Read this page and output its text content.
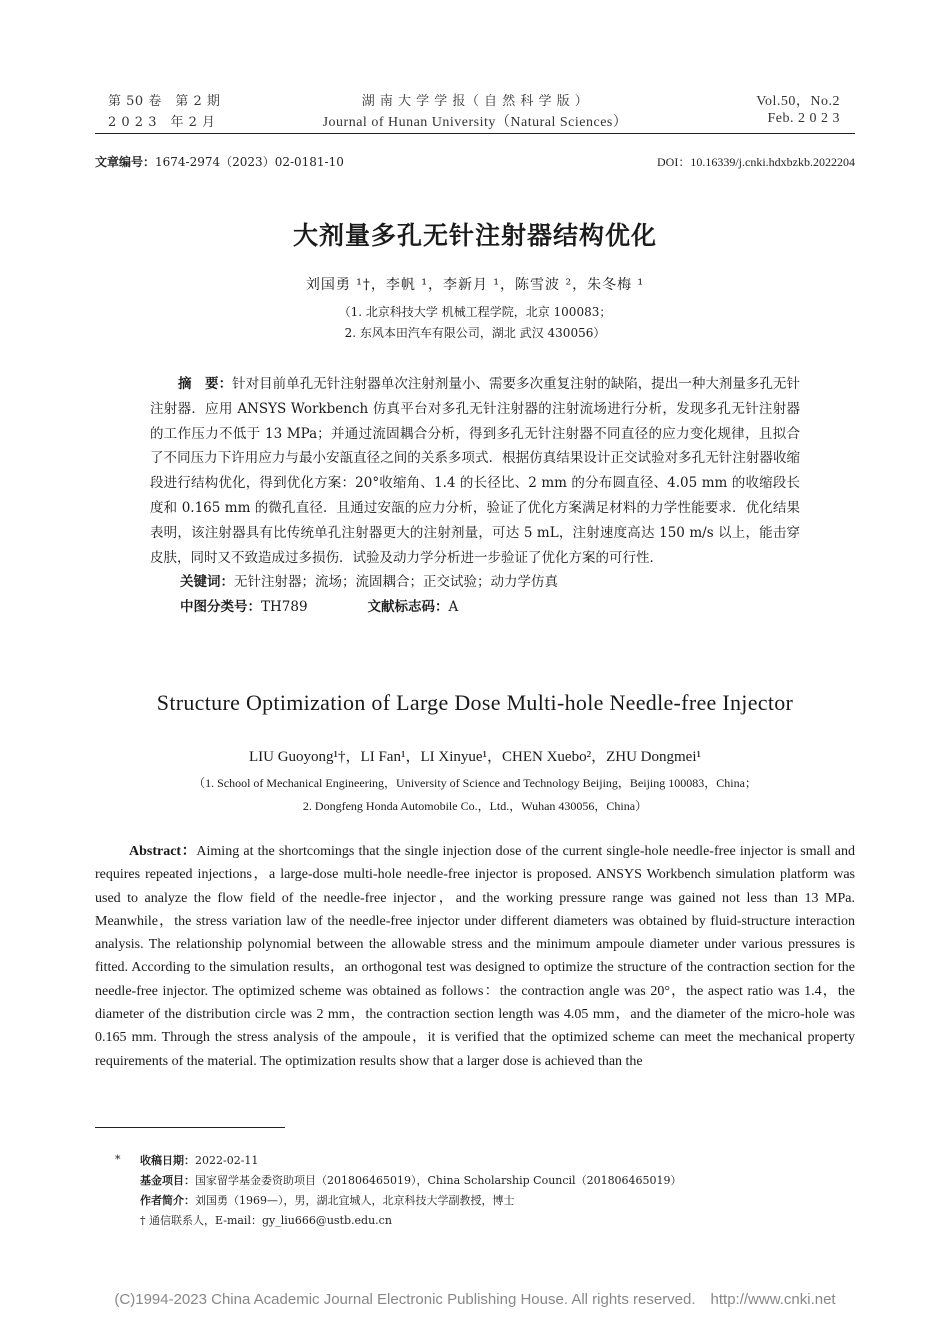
第 50 卷　第 2 期
2 0 2 3　年 2 月
湖 南 大 学 学 报（ 自 然 科 学 版 ）
Journal of Hunan University（Natural Sciences）
Vol.50，No.2
Feb. 2 0 2 3
文章编号：1674-2974（2023）02-0181-10	DOI：10.16339/j.cnki.hdxbzkb.2022204
大剂量多孔无针注射器结构优化
刘国勇 ¹†，李帆 ¹，李新月 ¹，陈雪波 ²，朱冬梅 ¹
（1. 北京科技大学 机械工程学院，北京 100083；
2. 东风本田汽车有限公司，湖北 武汉 430056）

摘　要：针对目前单孔无针注射器单次注射剂量小、需要多次重复注射的缺陷，提出一种大剂量多孔无针注射器．应用 ANSYS Workbench 仿真平台对多孔无针注射器的注射流场进行分析，发现多孔无针注射器的工作压力不低于 13 MPa；并通过流固耦合分析，得到多孔无针注射器不同直径的应力变化规律，且拟合了不同压力下许用应力与最小安瓿直径之间的关系多项式．根据仿真结果设计正交试验对多孔无针注射器收缩段进行结构优化，得到优化方案：20°收缩角、1.4 的长径比、2 mm 的分布圆直径、4.05 mm 的收缩段长度和 0.165 mm 的微孔直径．且通过安瓿的应力分析，验证了优化方案满足材料的力学性能要求．优化结果表明，该注射器具有比传统单孔注射器更大的注射剂量，可达 5 mL，注射速度高达 150 m/s 以上，能击穿皮肤，同时又不致造成过多损伤．试验及动力学分析进一步验证了优化方案的可行性．

关键词：无针注射器；流场；流固耦合；正交试验；动力学仿真

中图分类号：TH789	文献标志码：A

Structure Optimization of Large Dose Multi-hole Needle-free Injector
LIU Guoyong¹†，LI Fan¹，LI Xinyue¹，CHEN Xuebo²，ZHU Dongmei¹
（1. School of Mechanical Engineering，University of Science and Technology Beijing，Beijing 100083，China；
2. Dongfeng Honda Automobile Co.，Ltd.，Wuhan 430056，China）

Abstract：Aiming at the shortcomings that the single injection dose of the current single-hole needle-free injector is small and requires repeated injections，a large-dose multi-hole needle-free injector is proposed. ANSYS Workbench simulation platform was used to analyze the flow field of the needle-free injector，and the working pressure range was gained not less than 13 MPa. Meanwhile，the stress variation law of the needle-free injector under different diameters was obtained by fluid-structure interaction analysis. The relationship polynomial between the allowable stress and the minimum ampoule diameter under various pressures is fitted. According to the simulation results，an orthogonal test was designed to optimize the structure of the contraction section for the needle-free injector. The optimized scheme was obtained as follows：the contraction angle was 20°，the aspect ratio was 1.4，the diameter of the distribution circle was 2 mm，the contraction section length was 4.05 mm，and the diameter of the micro-hole was 0.165 mm. Through the stress analysis of the ampoule，it is verified that the optimized scheme can meet the mechanical property requirements of the material. The optimization results show that a larger dose is achieved than the

* 收稿日期：2022-02-11
基金项目：国家留学基金委资助项目（201806465019），China Scholarship Council（201806465019）
作者简介：刘国勇（1969—），男，湖北宜城人，北京科技大学副教授，博士
† 通信联系人，E-mail：gy_liu666@ustb.edu.cn
(C)1994-2023 China Academic Journal Electronic Publishing House. All rights reserved.　http://www.cnki.net
